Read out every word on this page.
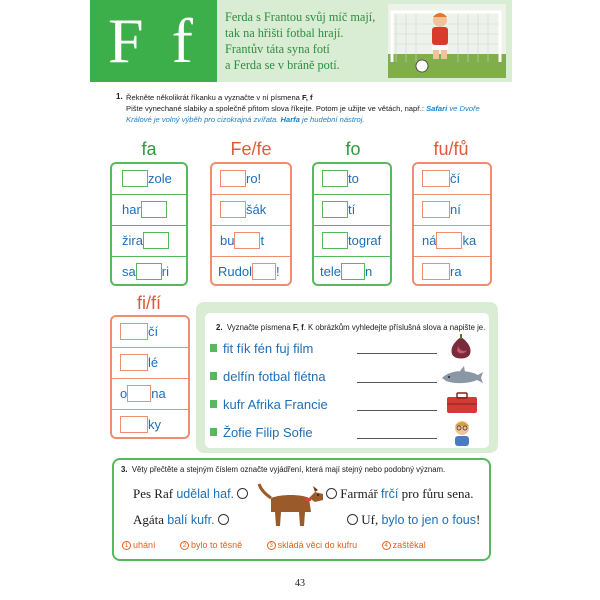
F f	Ferda s Frantou svůj míč mají,
tak na hřišti fotbal hrají.
Frantův táta syna fotí
a Ferda se v bráně potí.
1. Řekněte několikrát říkanku a vyznačte v ní písmena F, f
Pište vynechané slabiky a společně přitom slova říkejte. Potom je užijte ve větách, např.: Safari ve Dvoře Králové je volný výběh pro cizokrajná zvířata. Harfa je hudební nástroj.
fa	Fe/fe	fo	fu/fů
fi/fí
zole
har
žira
sa ri
ro!
šák
bu t
Rudol !
to
tí
tograf
tele n
čí
ní
ná ka
ra
čí
lé
o na
ky
2. Vyznačte písmena F, f. K obrázkům vyhledejte příslušná slova a napište je.
fit fík fén fuj film
delfín fotbal flétna
kufr Afrika Francie
Žofie Filip Sofie
3. Věty přečtěte a stejným číslem označte vyjádření, která mají stejný nebo podobný význam.
Pes Raf udělal haf.	Farmář frčí pro fůru sena.
Agáta balí kufr.	Uf, bylo to jen o fous!
1 uhání	2 bylo to těsně	3 skládá věci do kufru	4 zaštěkal
43
